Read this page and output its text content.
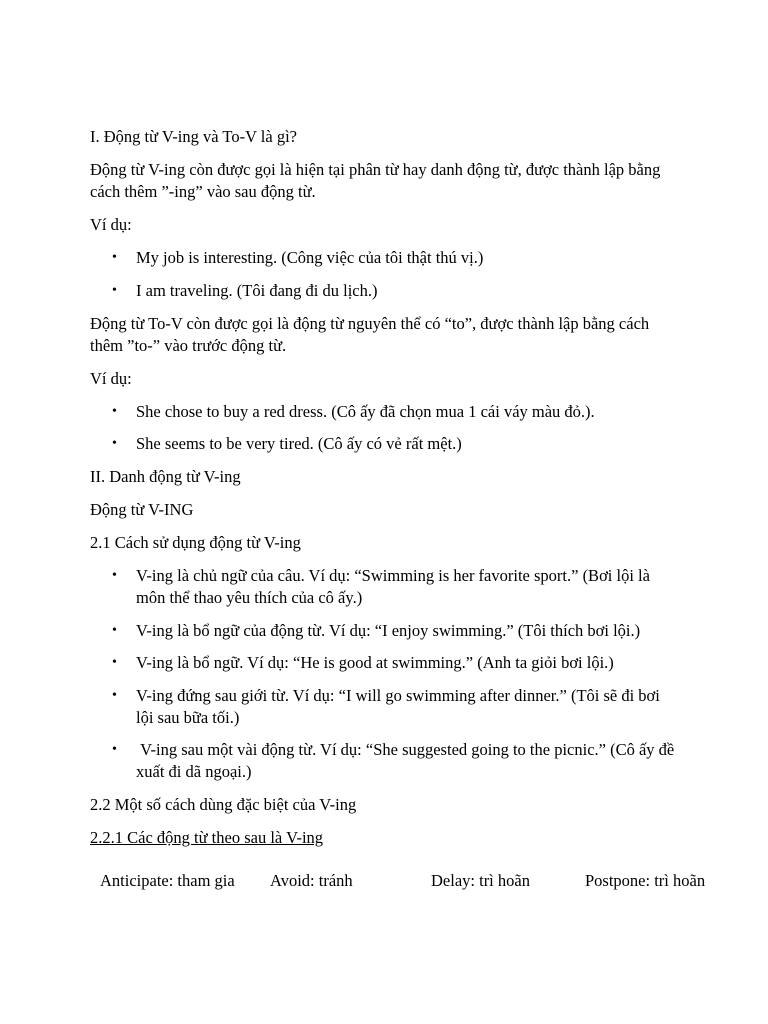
I. Động từ V-ing và To-V là gì?

Động từ V-ing còn được gọi là hiện tại phân từ hay danh động từ, được thành lập bằng cách thêm ”-ing” vào sau động từ.

Ví dụ:

• My job is interesting. (Công việc của tôi thật thú vị.)
• I am traveling. (Tôi đang đi du lịch.)

Động từ To-V còn được gọi là động từ nguyên thể có “to”, được thành lập bằng cách thêm ”to-” vào trước động từ.

Ví dụ:

• She chose to buy a red dress. (Cô ấy đã chọn mua 1 cái váy màu đỏ.).
• She seems to be very tired. (Cô ấy có vẻ rất mệt.)

II. Danh động từ V-ing

Động từ V-ING

2.1 Cách sử dụng động từ V-ing

• V-ing là chủ ngữ của câu. Ví dụ: “Swimming is her favorite sport.” (Bơi lội là môn thể thao yêu thích của cô ấy.)
• V-ing là bổ ngữ của động từ. Ví dụ: “I enjoy swimming.” (Tôi thích bơi lội.)
• V-ing là bổ ngữ. Ví dụ: “He is good at swimming.” (Anh ta giỏi bơi lội.)
• V-ing đứng sau giới từ. Ví dụ: “I will go swimming after dinner.” (Tôi sẽ đi bơi lội sau bữa tối.)
• V-ing sau một vài động từ. Ví dụ: “She suggested going to the picnic.” (Cô ấy đề xuất đi dã ngoại.)

2.2 Một số cách dùng đặc biệt của V-ing

2.2.1 Các động từ theo sau là V-ing

Anticipate: tham gia	Avoid: tránh	Delay: trì hoãn	Postpone: trì hoãn
